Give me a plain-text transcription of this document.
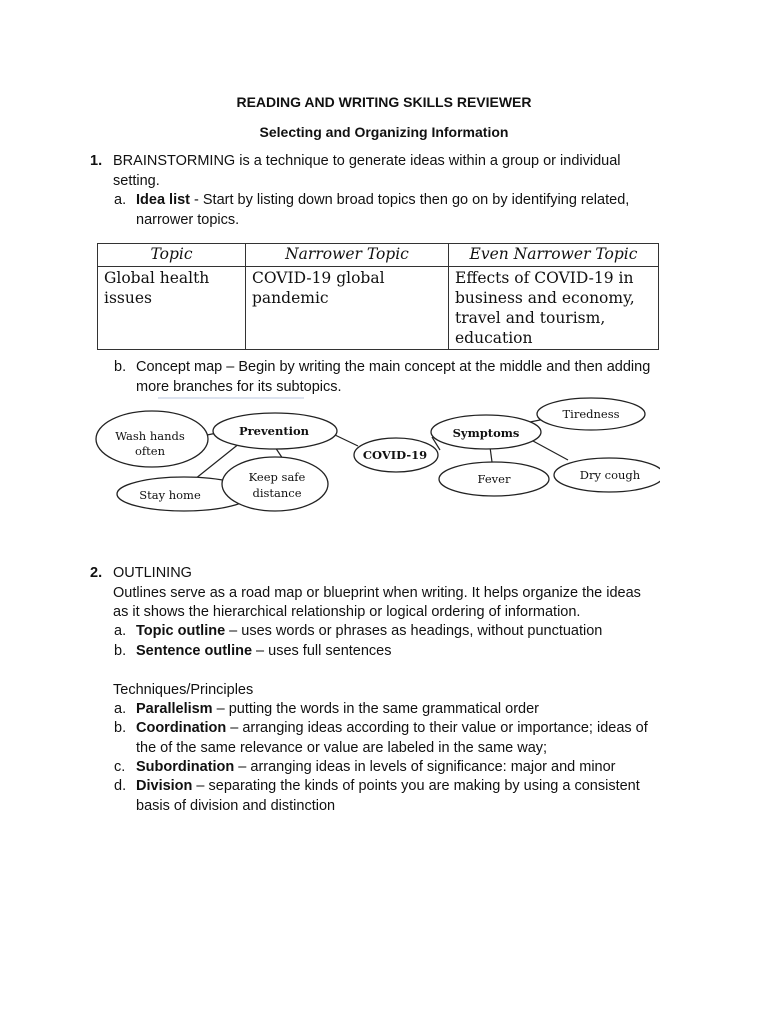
READING AND WRITING SKILLS REVIEWER
Selecting and Organizing Information
1. BRAINSTORMING is a technique to generate ideas within a group or individual
setting.
a. Idea list - Start by listing down broad topics then go on by identifying related,
narrower topics.
Topic	Narrower Topic	Even Narrower Topic
Global health issues	COVID-19 global pandemic	Effects of COVID-19 in business and economy, travel and tourism, education
b. Concept map – Begin by writing the main concept at the middle and then adding
more branches for its subtopics.
Wash hands
often
Stay home
Prevention
Keep safe
distance
COVID-19
Symptoms
Tiredness
Fever	Dry cough
2. OUTLINING
Outlines serve as a road map or blueprint when writing. It helps organize the ideas
as it shows the hierarchical relationship or logical ordering of information.
a. Topic outline – uses words or phrases as headings, without punctuation
b. Sentence outline – uses full sentences
Techniques/Principles
a. Parallelism – putting the words in the same grammatical order
b. Coordination – arranging ideas according to their value or importance; ideas of
the of the same relevance or value are labeled in the same way;
c. Subordination – arranging ideas in levels of significance: major and minor
d. Division – separating the kinds of points you are making by using a consistent
basis of division and distinction
